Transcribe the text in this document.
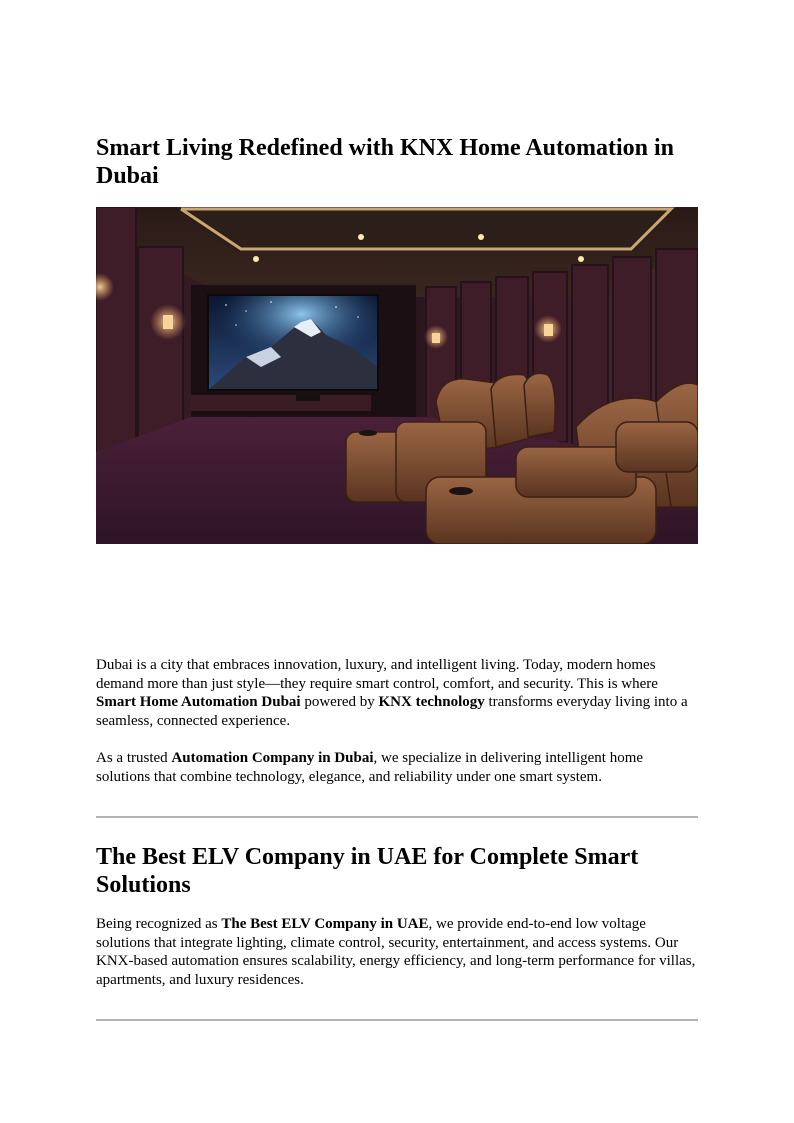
Smart Living Redefined with KNX Home Automation in Dubai

Dubai is a city that embraces innovation, luxury, and intelligent living. Today, modern homes demand more than just style—they require smart control, comfort, and security. This is where Smart Home Automation Dubai powered by KNX technology transforms everyday living into a seamless, connected experience.

As a trusted Automation Company in Dubai, we specialize in delivering intelligent home solutions that combine technology, elegance, and reliability under one smart system.

The Best ELV Company in UAE for Complete Smart Solutions

Being recognized as The Best ELV Company in UAE, we provide end-to-end low voltage solutions that integrate lighting, climate control, security, entertainment, and access systems. Our KNX-based automation ensures scalability, energy efficiency, and long-term performance for villas, apartments, and luxury residences.
